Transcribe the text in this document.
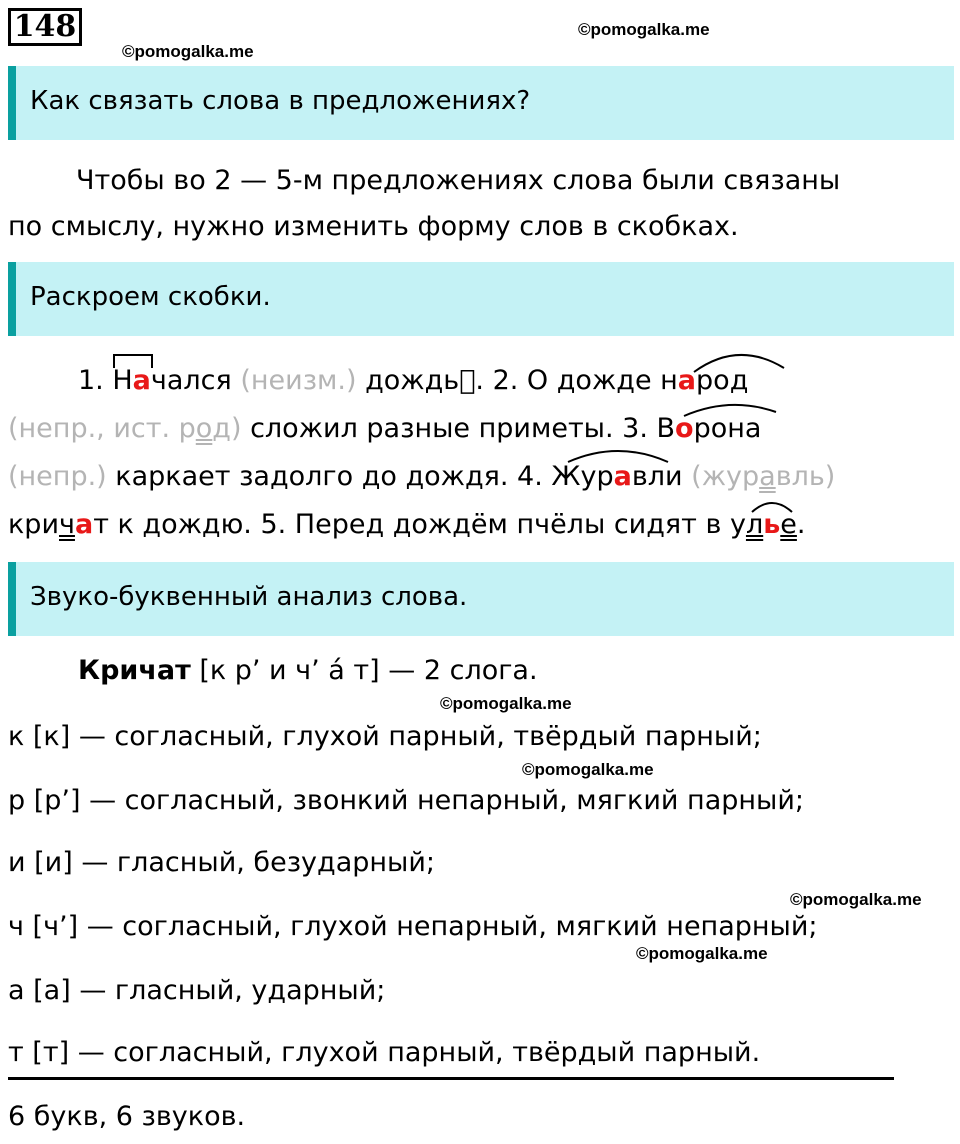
148
©pomogalka.me
©pomogalka.me
Как связать слова в предложениях?
Чтобы во 2 — 5-м предложениях слова были связаны
по смыслу, нужно изменить форму слов в скобках.
Раскроем скобки.
1. Начался (неизм.) дождь. 2. О дожде народ
(непр., ист. род) сложил разные приметы. 3. Ворона
(непр.) каркает задолго до дождя. 4. Журавли (журавль)
кричат к дождю. 5. Перед дождём пчёлы сидят в улье.
Звуко-буквенный анализ слова.
Кричат [к р’ и ч’ а́ т] — 2 слога.
©pomogalka.me
к [к] — согласный, глухой парный, твёрдый парный;
©pomogalka.me
р [р’] — согласный, звонкий непарный, мягкий парный;
и [и] — гласный, безударный;
©pomogalka.me
ч [ч’] — согласный, глухой непарный, мягкий непарный;
©pomogalka.me
а [а] — гласный, ударный;
т [т] — согласный, глухой парный, твёрдый парный.
6 букв, 6 звуков.
